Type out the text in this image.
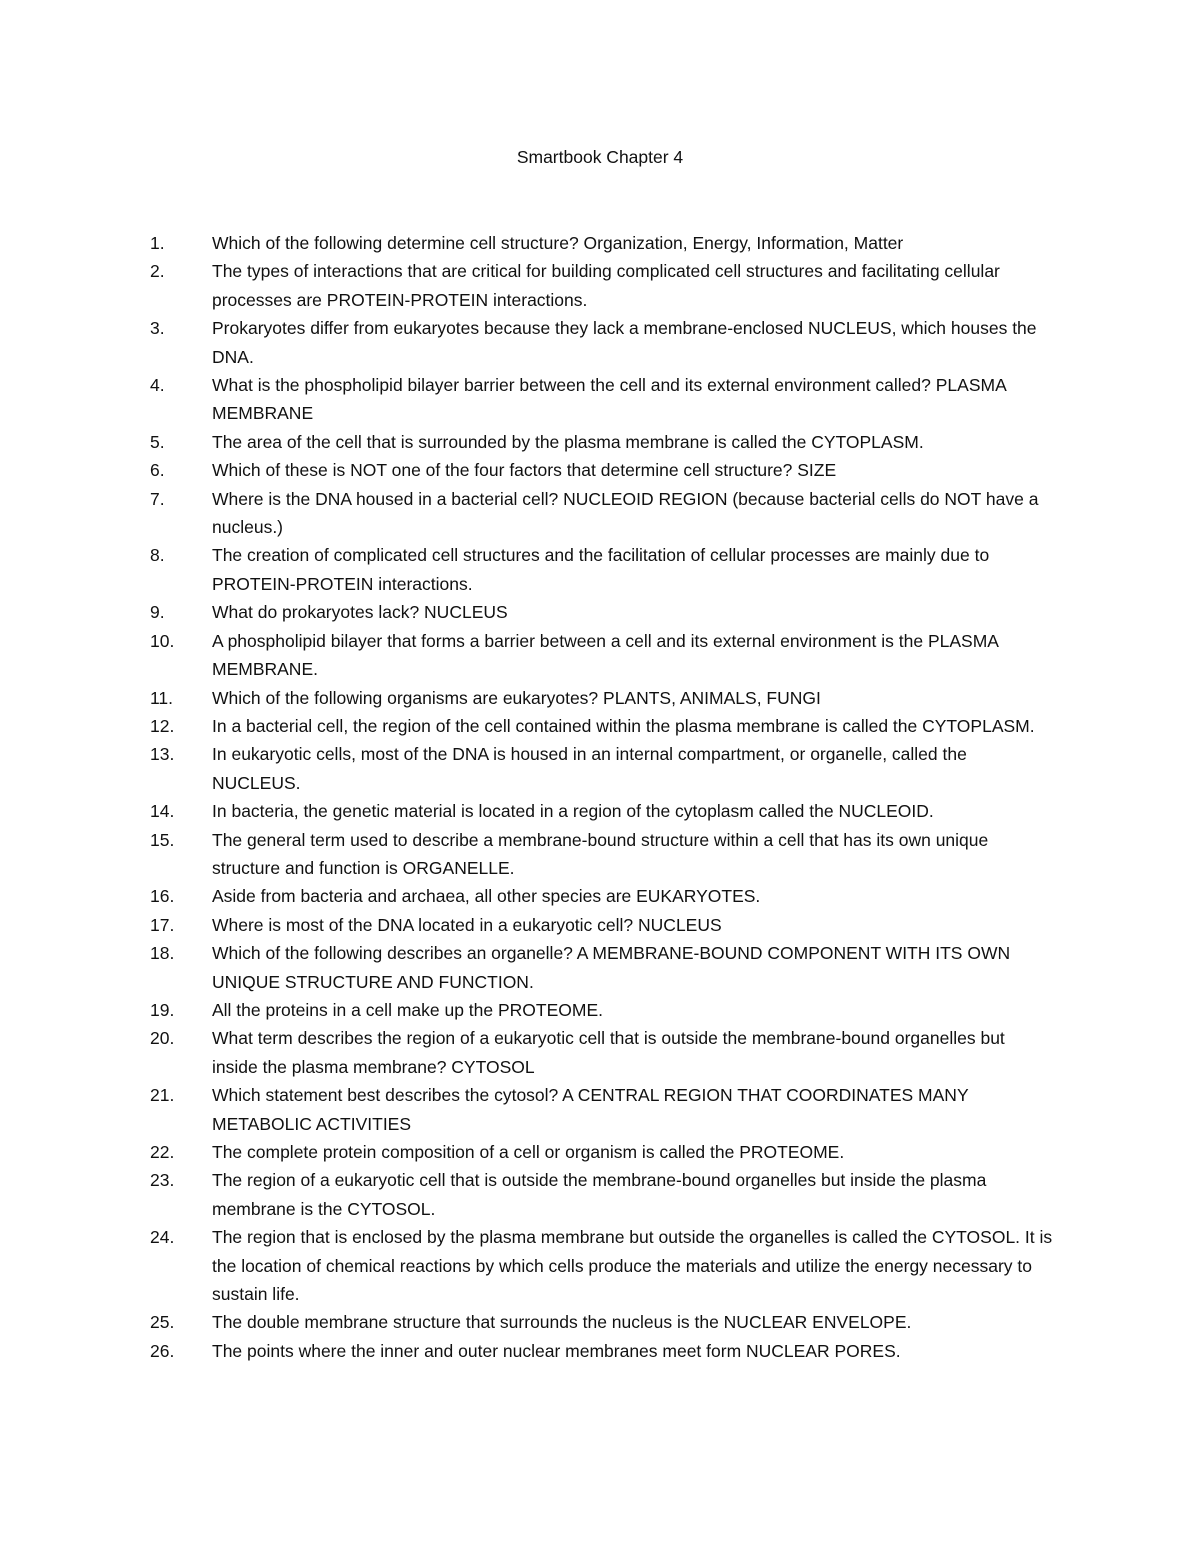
Smartbook Chapter 4
1.	Which of the following determine cell structure? Organization, Energy, Information, Matter
2.	The types of interactions that are critical for building complicated cell structures and facilitating cellular processes are PROTEIN-PROTEIN interactions.
3.	Prokaryotes differ from eukaryotes because they lack a membrane-enclosed NUCLEUS, which houses the DNA.
4.	What is the phospholipid bilayer barrier between the cell and its external environment called? PLASMA MEMBRANE
5.	The area of the cell that is surrounded by the plasma membrane is called the CYTOPLASM.
6.	Which of these is NOT one of the four factors that determine cell structure? SIZE
7.	Where is the DNA housed in a bacterial cell? NUCLEOID REGION (because bacterial cells do NOT have a nucleus.)
8.	The creation of complicated cell structures and the facilitation of cellular processes are mainly due to PROTEIN-PROTEIN interactions.
9.	What do prokaryotes lack? NUCLEUS
10.	A phospholipid bilayer that forms a barrier between a cell and its external environment is the PLASMA MEMBRANE.
11.	Which of the following organisms are eukaryotes? PLANTS, ANIMALS, FUNGI
12.	In a bacterial cell, the region of the cell contained within the plasma membrane is called the CYTOPLASM.
13.	In eukaryotic cells, most of the DNA is housed in an internal compartment, or organelle, called the NUCLEUS.
14.	In bacteria, the genetic material is located in a region of the cytoplasm called the NUCLEOID.
15.	The general term used to describe a membrane-bound structure within a cell that has its own unique structure and function is ORGANELLE.
16.	Aside from bacteria and archaea, all other species are EUKARYOTES.
17.	Where is most of the DNA located in a eukaryotic cell? NUCLEUS
18.	Which of the following describes an organelle? A MEMBRANE-BOUND COMPONENT WITH ITS OWN UNIQUE STRUCTURE AND FUNCTION.
19.	All the proteins in a cell make up the PROTEOME.
20.	What term describes the region of a eukaryotic cell that is outside the membrane-bound organelles but inside the plasma membrane? CYTOSOL
21.	Which statement best describes the cytosol? A CENTRAL REGION THAT COORDINATES MANY METABOLIC ACTIVITIES
22.	The complete protein composition of a cell or organism is called the PROTEOME.
23.	The region of a eukaryotic cell that is outside the membrane-bound organelles but inside the plasma membrane is the CYTOSOL.
24.	The region that is enclosed by the plasma membrane but outside the organelles is called the CYTOSOL. It is the location of chemical reactions by which cells produce the materials and utilize the energy necessary to sustain life.
25.	The double membrane structure that surrounds the nucleus is the NUCLEAR ENVELOPE.
26.	The points where the inner and outer nuclear membranes meet form NUCLEAR PORES.
